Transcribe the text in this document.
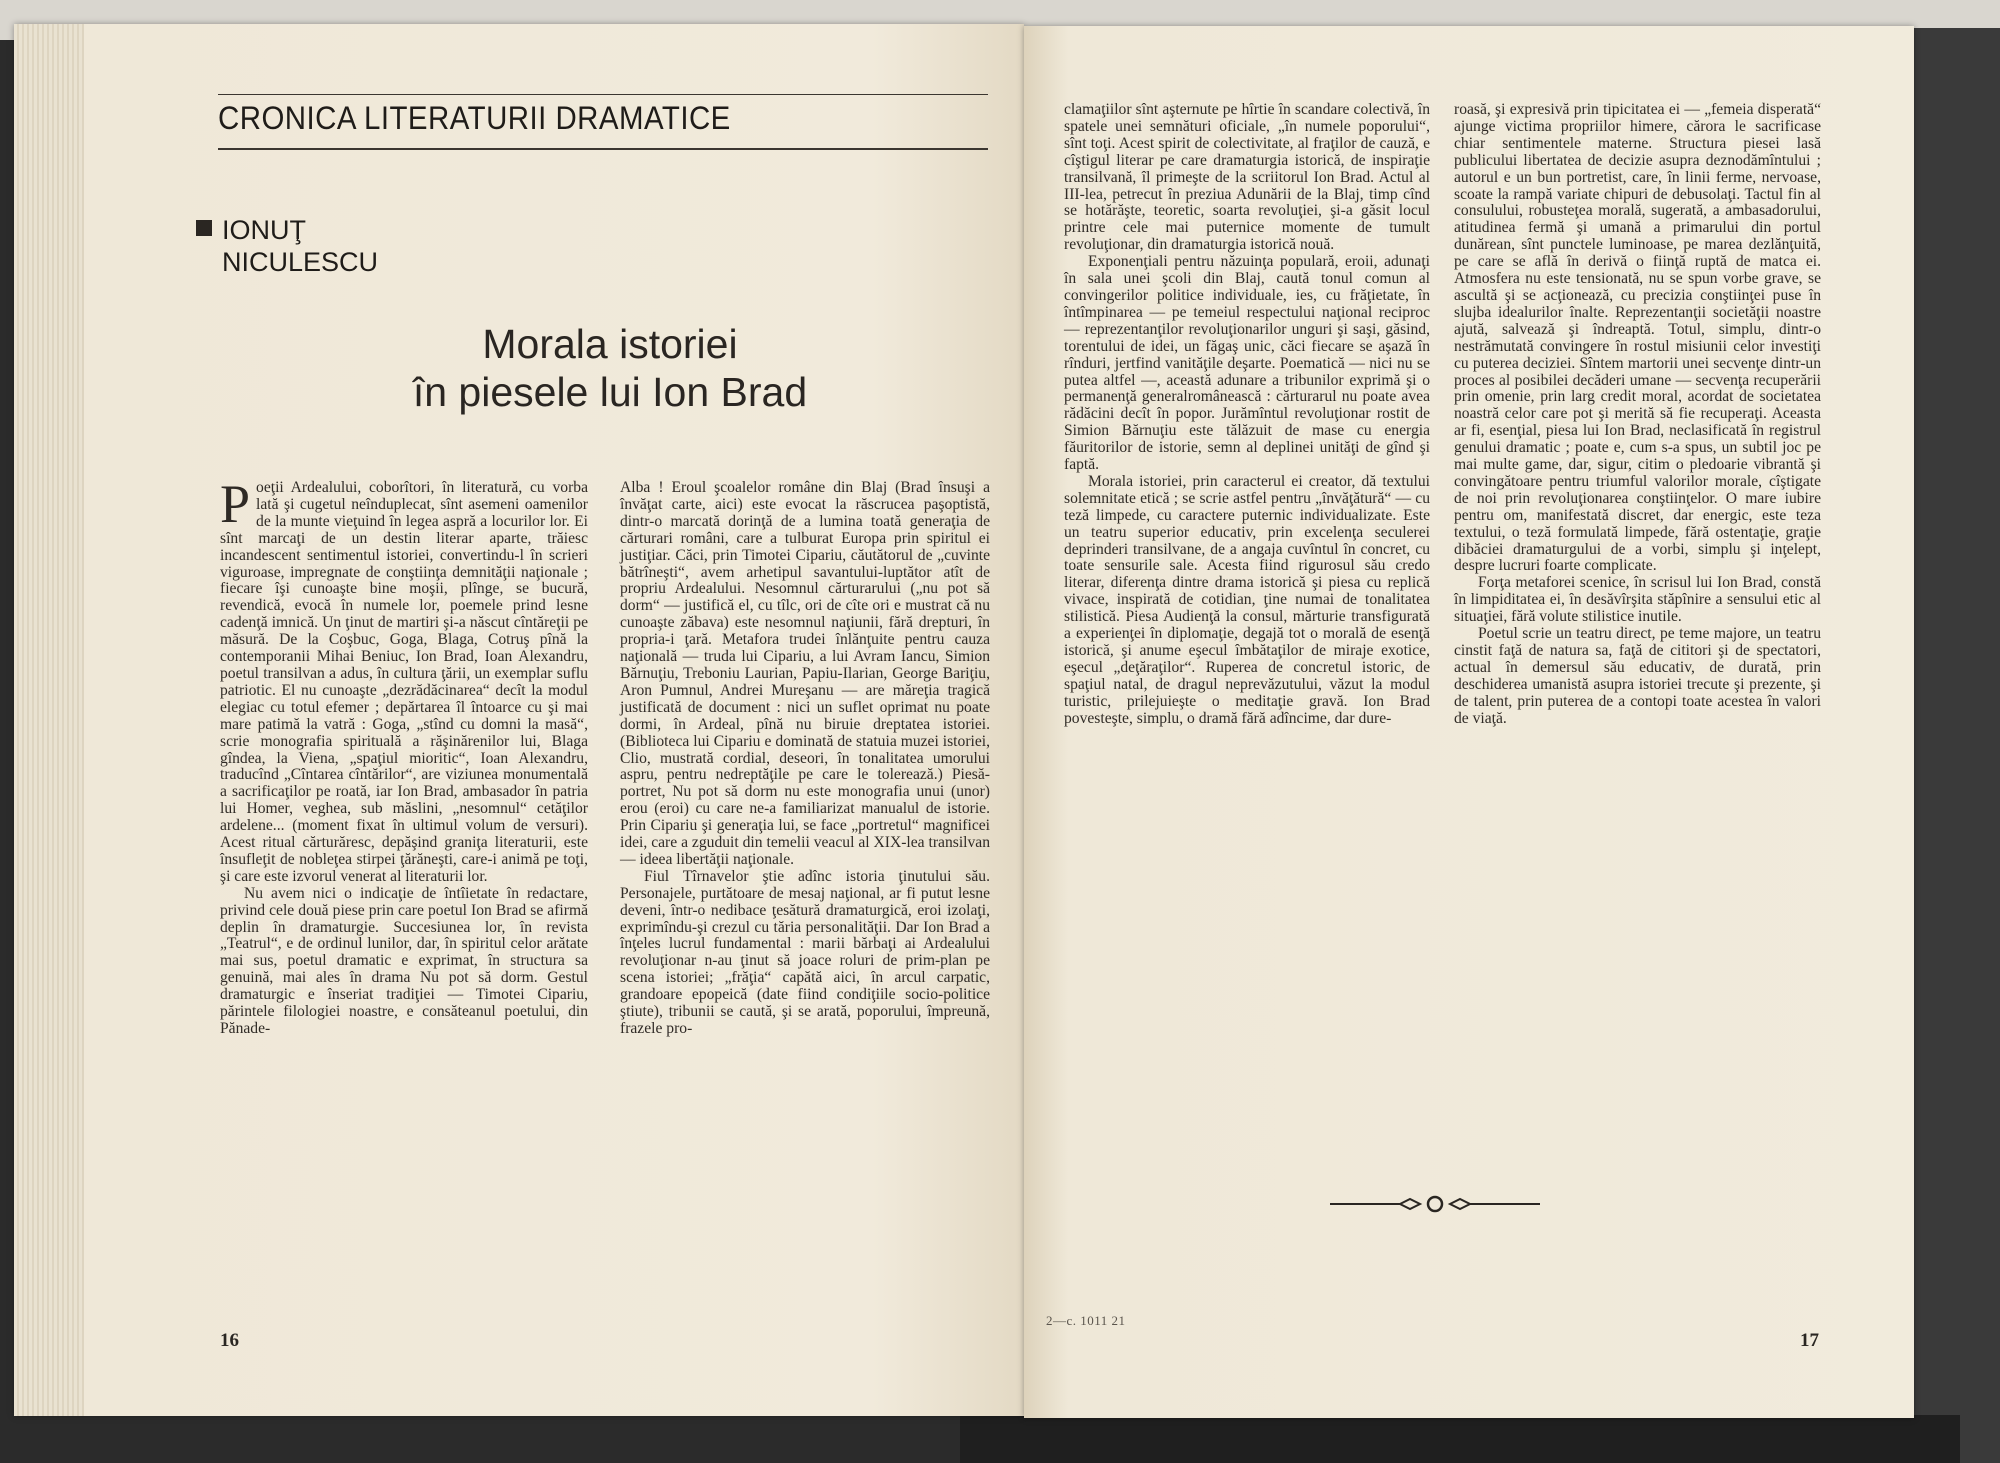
CRONICA LITERATURII DRAMATICE
IONUŢ
NICULESCU
Morala istoriei
în piesele lui Ion Brad

Poeţii Ardealului, coborîtori, în literatură, cu vorba lată şi cugetul neînduplecat, sînt asemeni oamenilor de la munte vieţuind în legea aspră a locurilor lor. Ei sînt marcaţi de un destin literar aparte, trăiesc incandescent sentimentul istoriei, convertindu-l în scrieri viguroase, impregnate de conştiinţa demnităţii naţionale ; fiecare îşi cunoaşte bine moşii, plînge, se bucură, revendică, evocă în numele lor, poemele prind lesne cadenţă imnică. Un ţinut de martiri şi-a născut cîntăreţii pe măsură. De la Coşbuc, Goga, Blaga, Cotruş pînă la contemporanii Mihai Beniuc, Ion Brad, Ioan Alexandru, poetul transilvan a adus, în cultura ţării, un exemplar suflu patriotic. El nu cunoaşte „dezrădăcinarea“ decît la modul elegiac cu totul efemer ; depărtarea îl întoarce cu şi mai mare patimă la vatră : Goga, „stînd cu domni la masă“, scrie monografia spirituală a răşinărenilor lui, Blaga gîndea, la Viena, „spaţiul mioritic“, Ioan Alexandru, traducînd „Cîntarea cîntărilor“, are viziunea monumentală a sacrificaţilor pe roată, iar Ion Brad, ambasador în patria lui Homer, veghea, sub măslini, „nesomnul“ cetăţilor ardelene... (moment fixat în ultimul volum de versuri). Acest ritual cărturăresc, depăşind graniţa literaturii, este însufleţit de nobleţea stirpei ţărăneşti, care-i animă pe toţi, şi care este izvorul venerat al literaturii lor.

Nu avem nici o indicaţie de întîietate în redactare, privind cele două piese prin care poetul Ion Brad se afirmă deplin în dramaturgie. Succesiunea lor, în revista „Teatrul“, e de ordinul lunilor, dar, în spiritul celor arătate mai sus, poetul dramatic e exprimat, în structura sa genuină, mai ales în drama Nu pot să dorm. Gestul dramaturgic e înseriat tradiţiei — Timotei Cipariu, părintele filologiei noastre, e consăteanul poetului, din Pănade-

Alba ! Eroul şcoalelor române din Blaj (Brad însuşi a învăţat carte, aici) este evocat la răscrucea paşoptistă, dintr-o marcată dorinţă de a lumina toată generaţia de cărturari români, care a tulburat Europa prin spiritul ei justiţiar. Căci, prin Timotei Cipariu, căutătorul de „cuvinte bătrîneşti“, avem arhetipul savantului-luptător atît de propriu Ardealului. Nesomnul cărturarului („nu pot să dorm“ — justifică el, cu tîlc, ori de cîte ori e mustrat că nu cunoaşte zăbava) este nesomnul naţiunii, fără drepturi, în propria-i ţară. Metafora trudei înlănţuite pentru cauza naţională — truda lui Cipariu, a lui Avram Iancu, Simion Bărnuţiu, Treboniu Laurian, Papiu-Ilarian, George Bariţiu, Aron Pumnul, Andrei Mureşanu — are măreţia tragică justificată de document : nici un suflet oprimat nu poate dormi, în Ardeal, pînă nu biruie dreptatea istoriei. (Biblioteca lui Cipariu e dominată de statuia muzei istoriei, Clio, mustrată cordial, deseori, în tonalitatea umorului aspru, pentru nedreptăţile pe care le tolerează.) Piesă-portret, Nu pot să dorm nu este monografia unui (unor) erou (eroi) cu care ne-a familiarizat manualul de istorie. Prin Cipariu şi generaţia lui, se face „portretul“ magnificei idei, care a zguduit din temelii veacul al XIX-lea transilvan — ideea libertăţii naţionale.

Fiul Tîrnavelor ştie adînc istoria ţinutului său. Personajele, purtătoare de mesaj naţional, ar fi putut lesne deveni, într-o nedibace ţesătură dramaturgică, eroi izolaţi, exprimîndu-şi crezul cu tăria personalităţii. Dar Ion Brad a înţeles lucrul fundamental : marii bărbaţi ai Ardealului revoluţionar n-au ţinut să joace roluri de prim-plan pe scena istoriei; „frăţia“ capătă aici, în arcul carpatic, grandoare epopeică (date fiind condiţiile socio-politice ştiute), tribunii se caută, şi se arată, poporului, împreună, frazele pro-

16

clamaţiilor sînt aşternute pe hîrtie în scandare colectivă, în spatele unei semnături oficiale, „în numele poporului“, sînt toţi. Acest spirit de colectivitate, al fraţilor de cauză, e cîştigul literar pe care dramaturgia istorică, de inspiraţie transilvană, îl primeşte de la scriitorul Ion Brad. Actul al III-lea, petrecut în preziua Adunării de la Blaj, timp cînd se hotărăşte, teoretic, soarta revoluţiei, şi-a găsit locul printre cele mai puternice momente de tumult revoluţionar, din dramaturgia istorică nouă.

Exponenţiali pentru năzuinţa populară, eroii, adunaţi în sala unei şcoli din Blaj, caută tonul comun al convingerilor politice individuale, ies, cu frăţietate, în întîmpinarea — pe temeiul respectului naţional reciproc — reprezentanţilor revoluţionarilor unguri şi saşi, găsind, torentului de idei, un făgaş unic, căci fiecare se aşază în rînduri, jertfind vanităţile deşarte. Poematică — nici nu se putea altfel —, această adunare a tribunilor exprimă şi o permanenţă generalromânească : cărturarul nu poate avea rădăcini decît în popor. Jurămîntul revoluţionar rostit de Simion Bărnuţiu este tălăzuit de mase cu energia făuritorilor de istorie, semn al deplinei unităţi de gînd şi faptă.

Morala istoriei, prin caracterul ei creator, dă textului solemnitate etică ; se scrie astfel pentru „învăţătură“ — cu teză limpede, cu caractere puternic individualizate. Este un teatru superior educativ, prin excelenţa seculerei deprinderi transilvane, de a angaja cuvîntul în concret, cu toate sensurile sale. Acesta fiind rigurosul său credo literar, diferenţa dintre drama istorică şi piesa cu replică vivace, inspirată de cotidian, ţine numai de tonalitatea stilistică. Piesa Audienţă la consul, mărturie transfigurată a experienţei în diplomaţie, degajă tot o morală de esenţă istorică, şi anume eşecul îmbătaţilor de miraje exotice, eşecul „deţăraţilor“. Ruperea de concretul istoric, de spaţiul natal, de dragul neprevăzutului, văzut la modul turistic, prilejuieşte o meditaţie gravă. Ion Brad povesteşte, simplu, o dramă fără adîncime, dar dure-

roasă, şi expresivă prin tipicitatea ei — „femeia disperată“ ajunge victima propriilor himere, cărora le sacrificase chiar sentimentele materne. Structura piesei lasă publicului libertatea de decizie asupra deznodămîntului ; autorul e un bun portretist, care, în linii ferme, nervoase, scoate la rampă variate chipuri de debusolaţi. Tactul fin al consulului, robusteţea morală, sugerată, a ambasadorului, atitudinea fermă şi umană a primarului din portul dunărean, sînt punctele luminoase, pe marea dezlănţuită, pe care se află în derivă o fiinţă ruptă de matca ei. Atmosfera nu este tensionată, nu se spun vorbe grave, se ascultă şi se acţionează, cu precizia conştiinţei puse în slujba idealurilor înalte. Reprezentanţii societăţii noastre ajută, salvează şi îndreaptă. Totul, simplu, dintr-o nestrămutată convingere în rostul misiunii celor investiţi cu puterea deciziei. Sîntem martorii unei secvenţe dintr-un proces al posibilei decăderi umane — secvenţa recuperării prin omenie, prin larg credit moral, acordat de societatea noastră celor care pot şi merită să fie recuperaţi. Aceasta ar fi, esenţial, piesa lui Ion Brad, neclasificată în registrul genului dramatic ; poate e, cum s-a spus, un subtil joc pe mai multe game, dar, sigur, citim o pledoarie vibrantă şi convingătoare pentru triumful valorilor morale, cîştigate de noi prin revoluţionarea conştiinţelor. O mare iubire pentru om, manifestată discret, dar energic, este teza textului, o teză formulată limpede, fără ostentaţie, graţie dibăciei dramaturgului de a vorbi, simplu şi inţelept, despre lucruri foarte complicate.

Forţa metaforei scenice, în scrisul lui Ion Brad, constă în limpiditatea ei, în desăvîrşita stăpînire a sensului etic al situaţiei, fără volute stilistice inutile.

Poetul scrie un teatru direct, pe teme majore, un teatru cinstit faţă de natura sa, faţă de cititori şi de spectatori, actual în demersul său educativ, de durată, prin deschiderea umanistă asupra istoriei trecute şi prezente, şi de talent, prin puterea de a contopi toate acestea în valori de viaţă.

2—c. 1011 21
17
